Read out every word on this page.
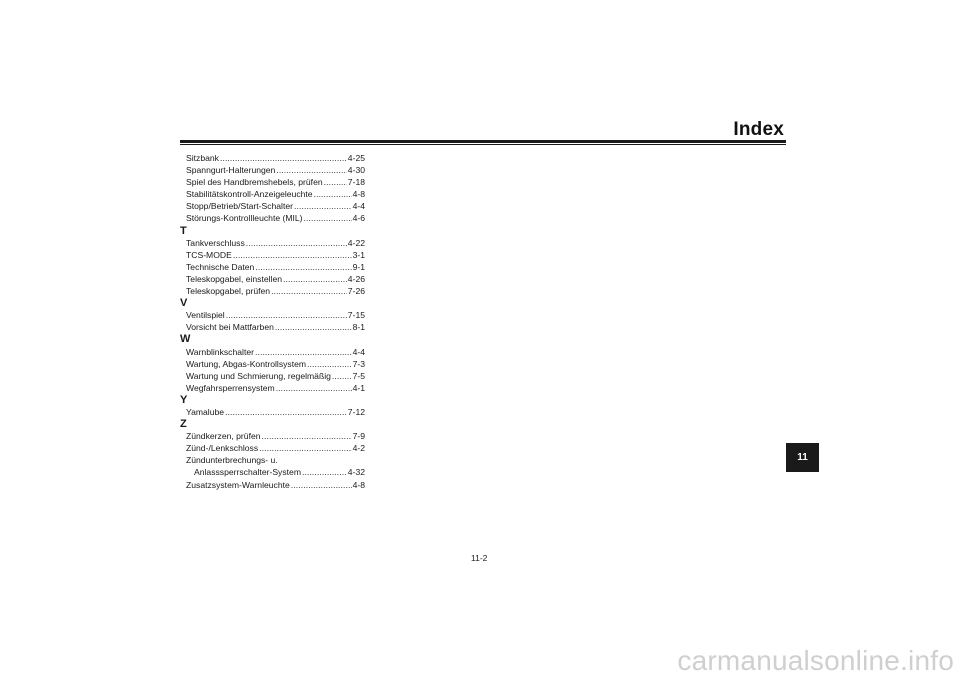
Index
Sitzbank .....	4-25
Spanngurt-Halterungen .....	4-30
Spiel des Handbremshebels, prüfen .....	7-18
Stabilitätskontroll-Anzeigeleuchte .....	4-8
Stopp/Betrieb/Start-Schalter .....	4-4
Störungs-Kontrollleuchte (MIL) .....	4-6
T
Tankverschluss .....	4-22
TCS-MODE .....	3-1
Technische Daten .....	9-1
Teleskopgabel, einstellen .....	4-26
Teleskopgabel, prüfen .....	7-26
V
Ventilspiel .....	7-15
Vorsicht bei Mattfarben .....	8-1
W
Warnblinkschalter .....	4-4
Wartung, Abgas-Kontrollsystem .....	7-3
Wartung und Schmierung, regelmäßig .....	7-5
Wegfahrsperrensystem .....	4-1
Y
Yamalube .....	7-12
Z
Zündkerzen, prüfen .....	7-9
Zünd-/Lenkschloss .....	4-2
Zündunterbrechungs- u.
Anlasssperrschalter-System .....	4-32
Zusatzsystem-Warnleuchte .....	4-8
11
11-2
carmanualsonline.info
